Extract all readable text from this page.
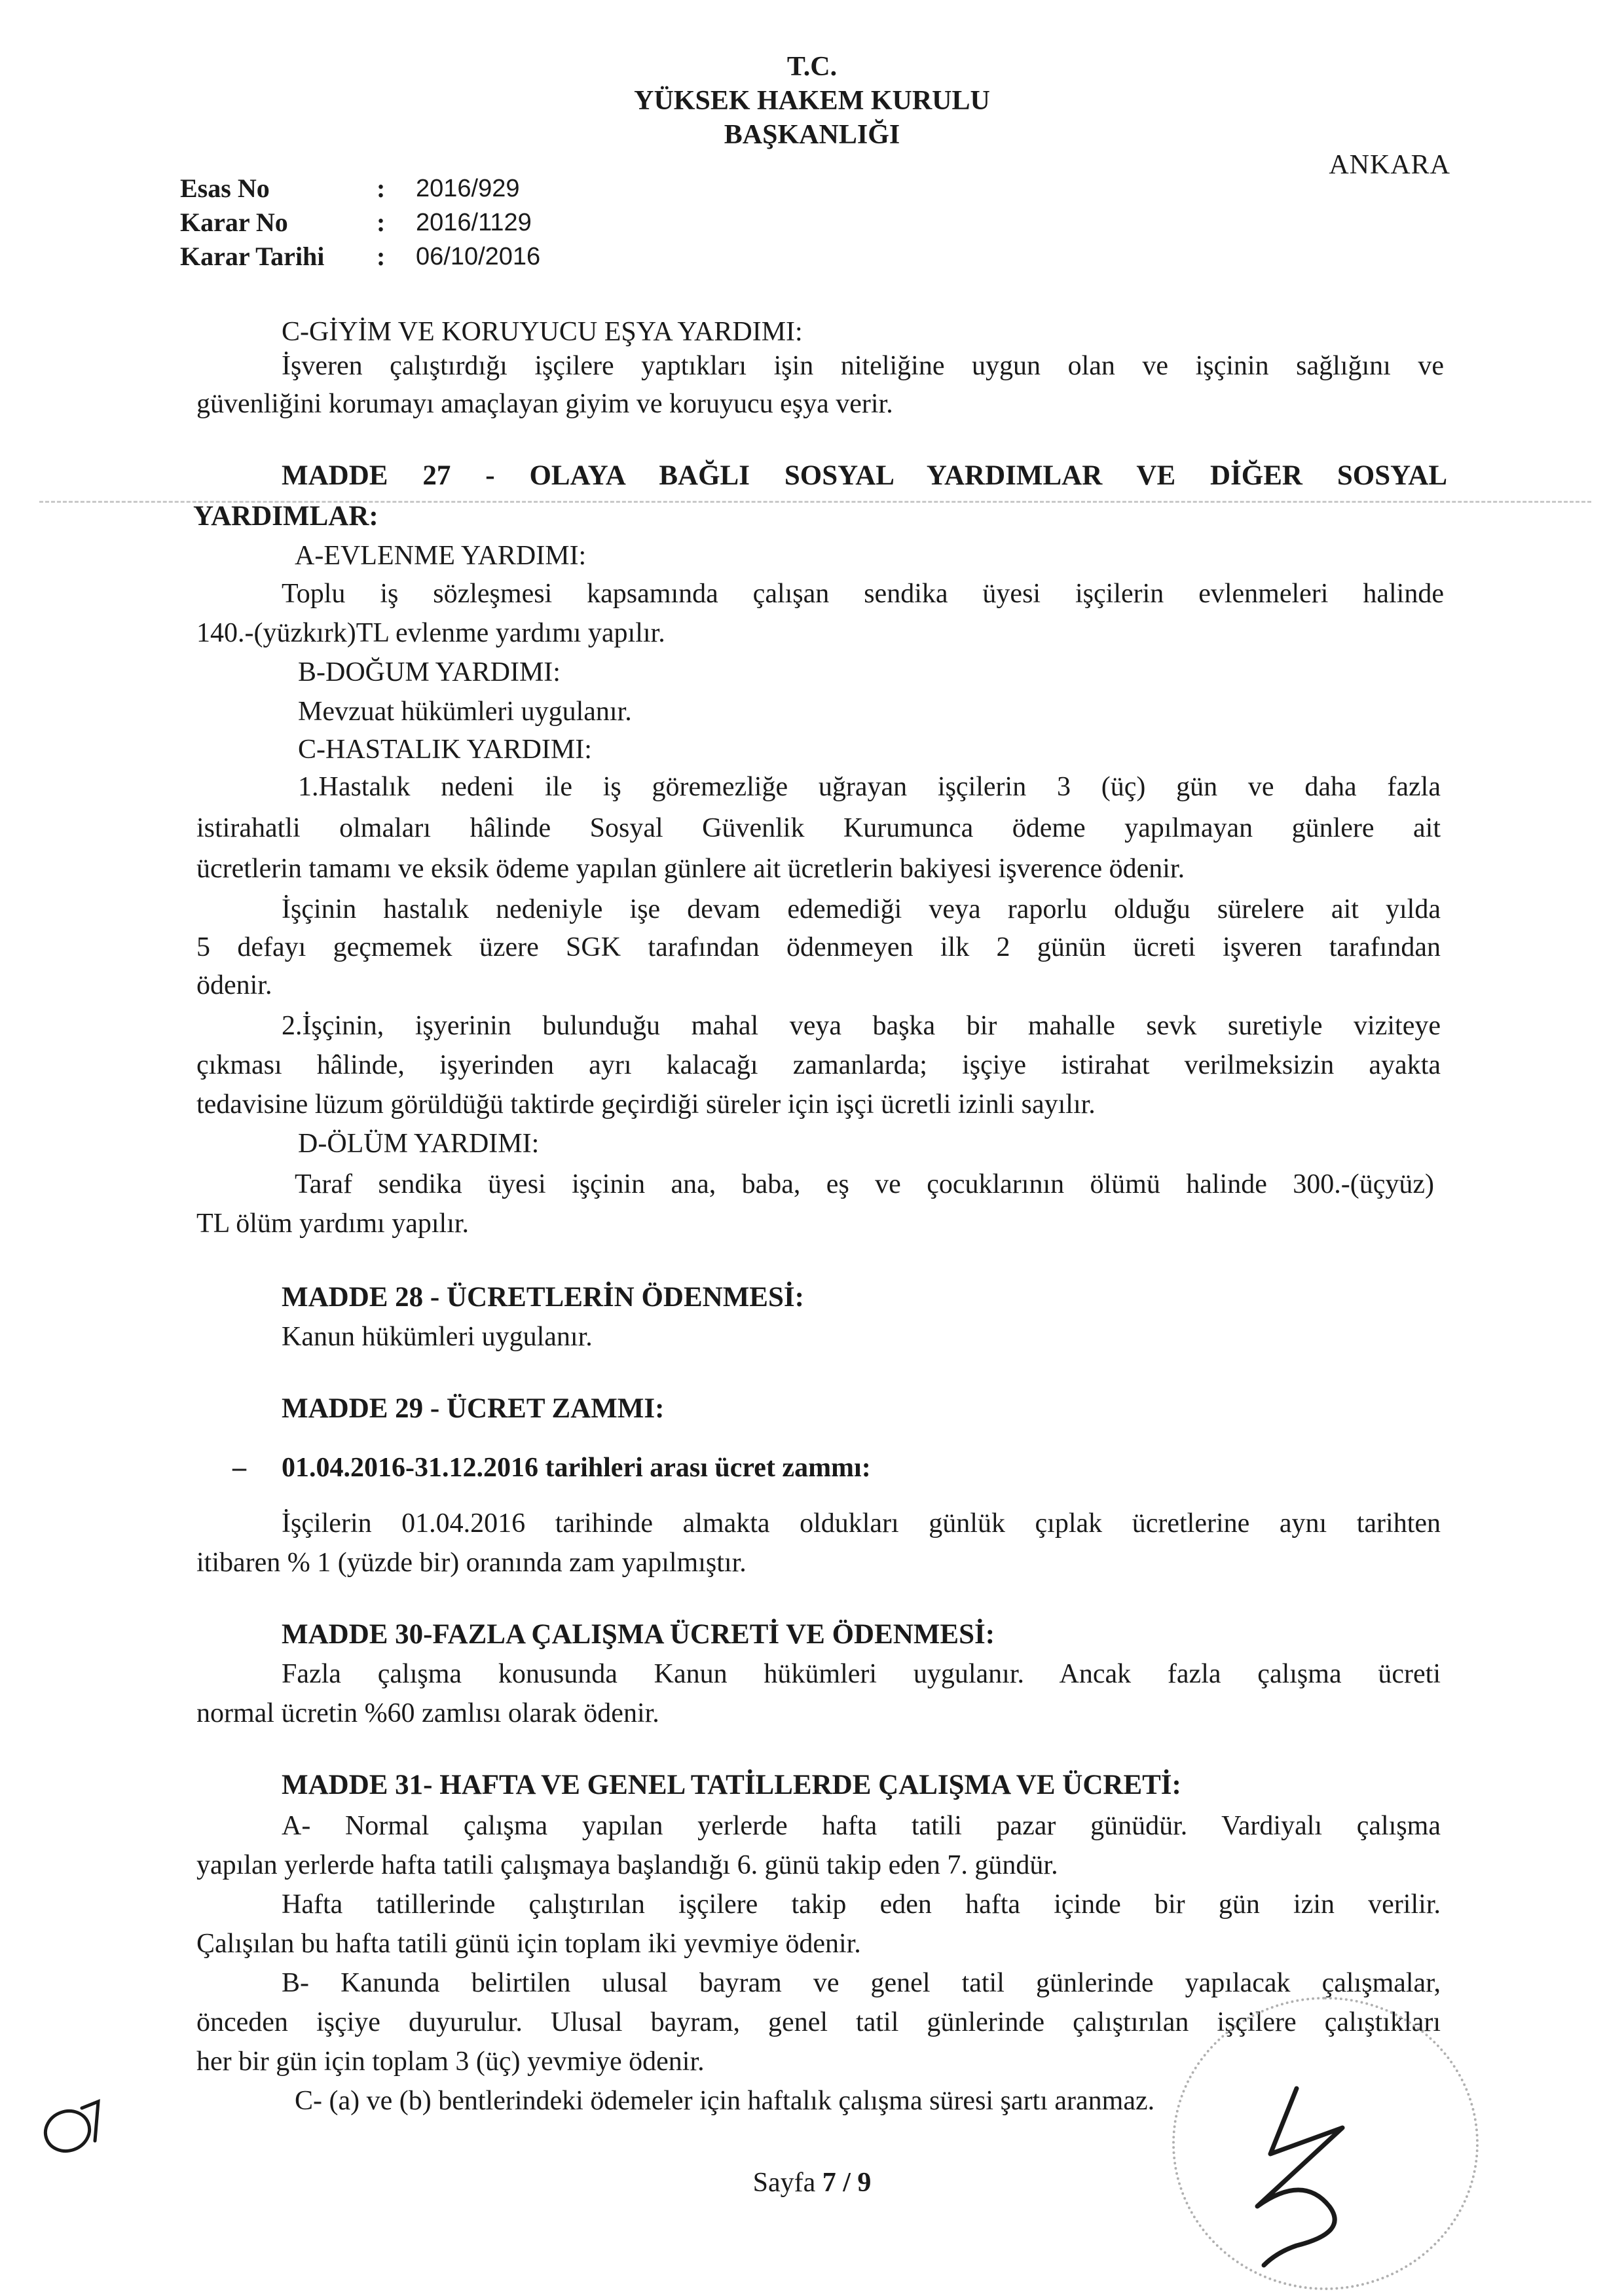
T.C.
YÜKSEK HAKEM KURULU
BAŞKANLIĞI
ANKARA
Esas No	:	2016/929
Karar No	:	2016/1129
Karar Tarihi	:	06/10/2016
C-GİYİM VE KORUYUCU EŞYA YARDIMI:
İşveren çalıştırdığı işçilere yaptıkları işin niteliğine uygun olan ve işçinin sağlığını ve
güvenliğini korumayı amaçlayan giyim ve koruyucu eşya verir.
MADDE 27 - OLAYA BAĞLI SOSYAL YARDIMLAR VE DİĞER SOSYAL
YARDIMLAR:
A-EVLENME YARDIMI:
Toplu iş sözleşmesi kapsamında çalışan sendika üyesi işçilerin evlenmeleri halinde
140.-(yüzkırk)TL evlenme yardımı yapılır.
B-DOĞUM YARDIMI:
Mevzuat hükümleri uygulanır.
C-HASTALIK YARDIMI:
1.Hastalık nedeni ile iş göremezliğe uğrayan işçilerin 3 (üç) gün ve daha fazla
istirahatli olmaları hâlinde Sosyal Güvenlik Kurumunca ödeme yapılmayan günlere ait
ücretlerin tamamı ve eksik ödeme yapılan günlere ait ücretlerin bakiyesi işverence ödenir.
İşçinin hastalık nedeniyle işe devam edemediği veya raporlu olduğu sürelere ait yılda
5 defayı geçmemek üzere SGK tarafından ödenmeyen ilk 2 günün ücreti işveren tarafından
ödenir.
2.İşçinin, işyerinin bulunduğu mahal veya başka bir mahalle sevk suretiyle viziteye
çıkması hâlinde, işyerinden ayrı kalacağı zamanlarda; işçiye istirahat verilmeksizin ayakta
tedavisine lüzum görüldüğü taktirde geçirdiği süreler için işçi ücretli izinli sayılır.
D-ÖLÜM YARDIMI:
Taraf sendika üyesi işçinin ana, baba, eş ve çocuklarının ölümü halinde 300.-(üçyüz)
TL ölüm yardımı yapılır.
MADDE 28 - ÜCRETLERİN ÖDENMESİ:
Kanun hükümleri uygulanır.
MADDE 29 - ÜCRET ZAMMI:
– 01.04.2016-31.12.2016 tarihleri arası ücret zammı:
İşçilerin 01.04.2016 tarihinde almakta oldukları günlük çıplak ücretlerine aynı tarihten
itibaren % 1 (yüzde bir) oranında zam yapılmıştır.
MADDE 30-FAZLA ÇALIŞMA ÜCRETİ VE ÖDENMESİ:
Fazla çalışma konusunda Kanun hükümleri uygulanır. Ancak fazla çalışma ücreti
normal ücretin %60 zamlısı olarak ödenir.
MADDE 31- HAFTA VE GENEL TATİLLERDE ÇALIŞMA VE ÜCRETİ:
A- Normal çalışma yapılan yerlerde hafta tatili pazar günüdür. Vardiyalı çalışma
yapılan yerlerde hafta tatili çalışmaya başlandığı 6. günü takip eden 7. gündür.
Hafta tatillerinde çalıştırılan işçilere takip eden hafta içinde bir gün izin verilir.
Çalışılan bu hafta tatili günü için toplam iki yevmiye ödenir.
B- Kanunda belirtilen ulusal bayram ve genel tatil günlerinde yapılacak çalışmalar,
önceden işçiye duyurulur. Ulusal bayram, genel tatil günlerinde çalıştırılan işçilere çalıştıkları
her bir gün için toplam 3 (üç) yevmiye ödenir.
C- (a) ve (b) bentlerindeki ödemeler için haftalık çalışma süresi şartı aranmaz.
Sayfa 7 / 9
